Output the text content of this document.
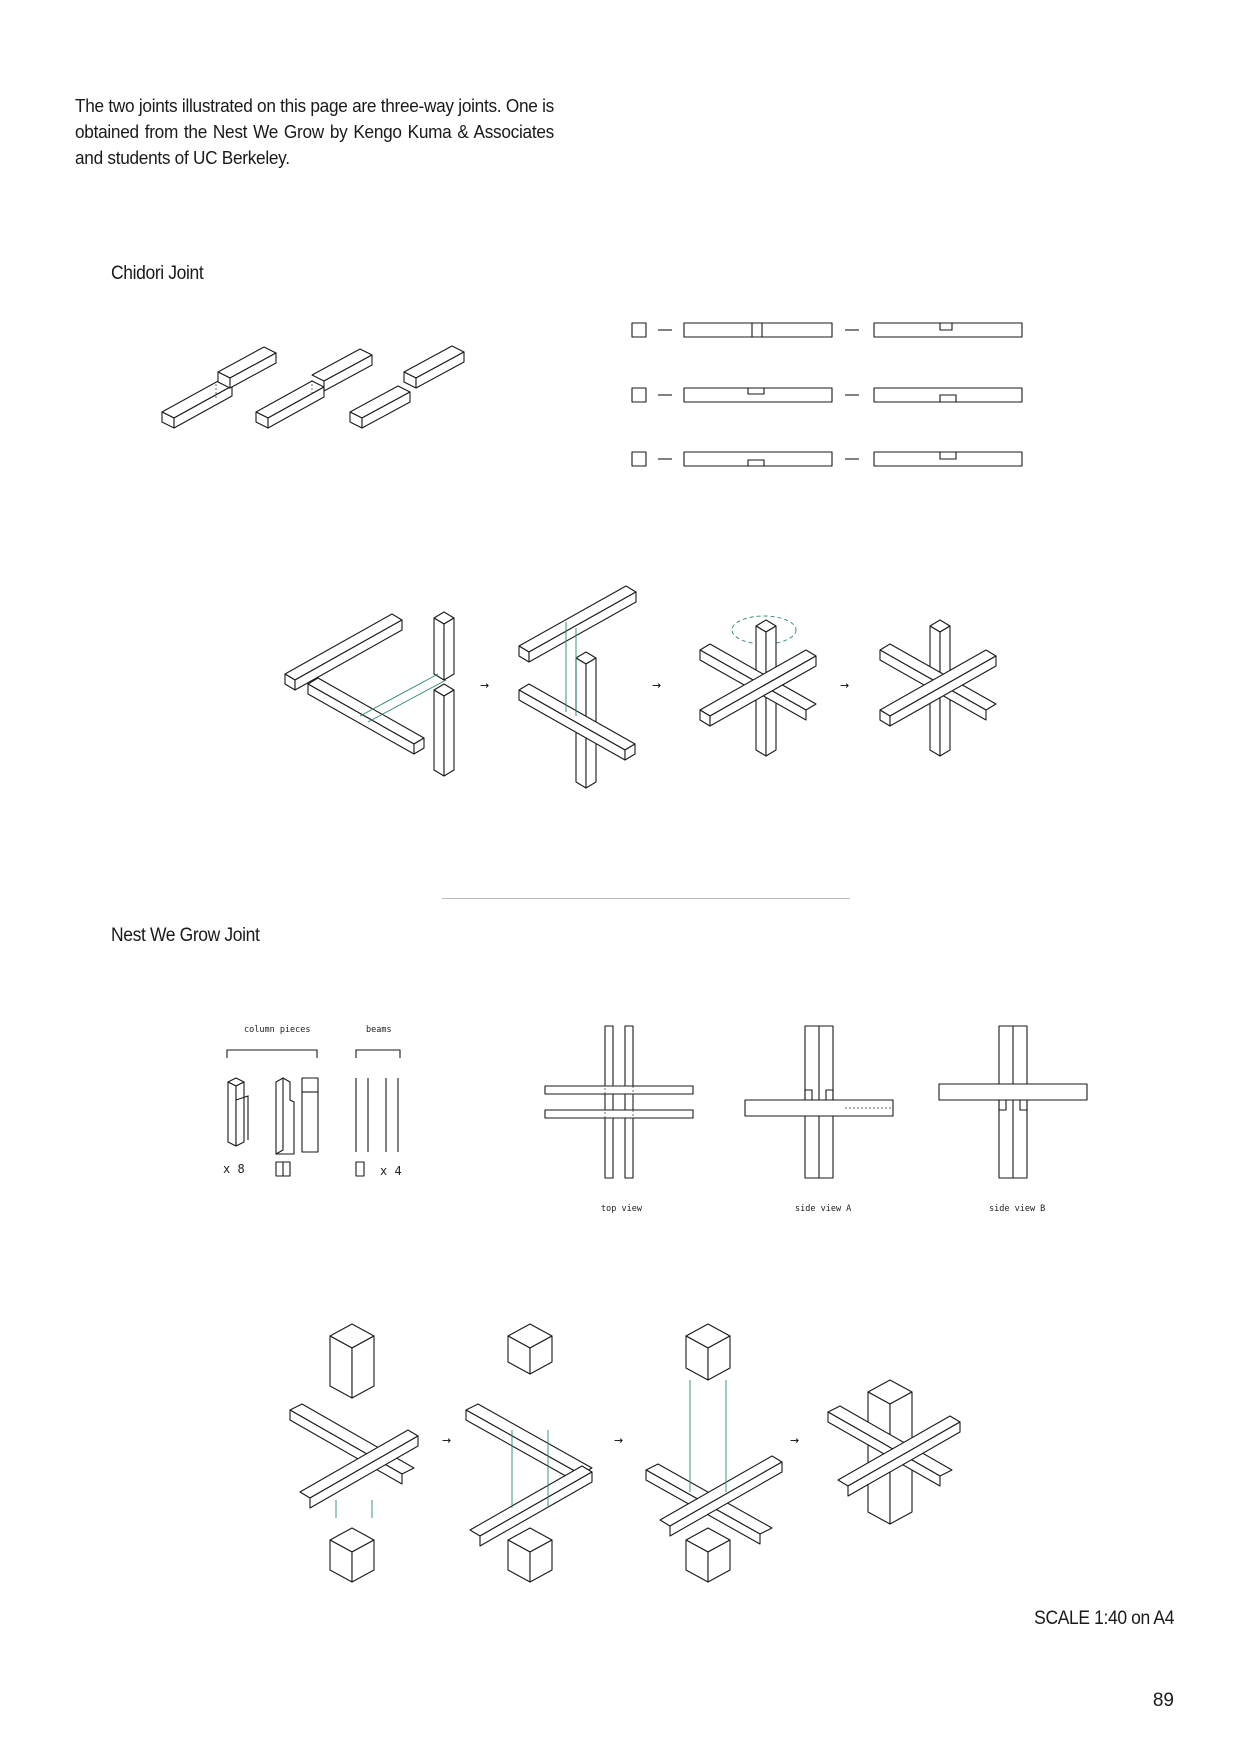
The two joints illustrated on this page are three-way joints. One is obtained from the Nest We Grow by Kengo Kuma & Associates and students of UC Berkeley.

Chidori Joint
→	→	→
Nest We Grow Joint
column pieces	beams
x 8	x 4
top view	side view A	side view B
→	→	→
SCALE 1:40 on A4
89
